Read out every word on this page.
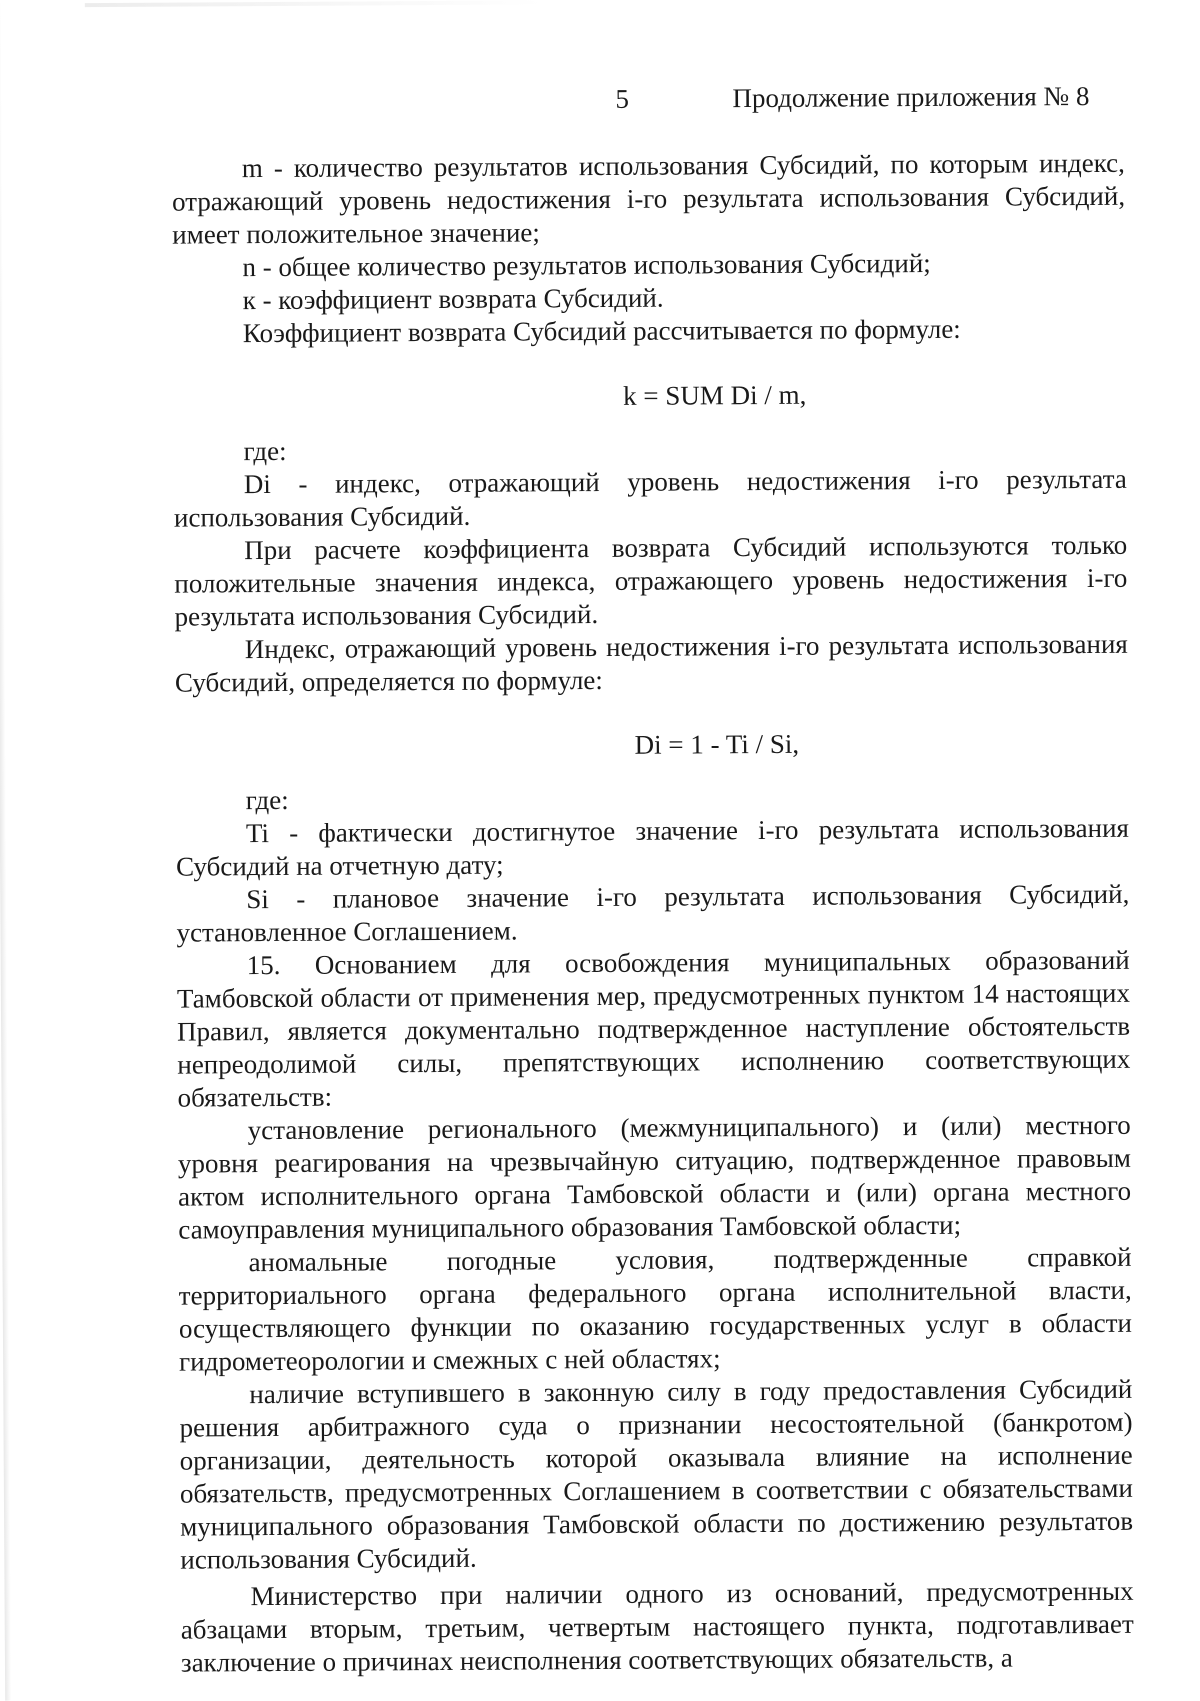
5	Продолжение приложения № 8

m - количество результатов использования Субсидий, по которым индекс, отражающий уровень недостижения i-го результата использования Субсидий, имеет положительное значение;

n - общее количество результатов использования Субсидий;

к - коэффициент возврата Субсидий.

Коэффициент возврата Субсидий рассчитывается по формуле:

k = SUM Di / m,

где:

Di - индекс, отражающий уровень недостижения i-го результата использования Субсидий.

При расчете коэффициента возврата Субсидий используются только положительные значения индекса, отражающего уровень недостижения i-го результата использования Субсидий.

Индекс, отражающий уровень недостижения i-го результата использования Субсидий, определяется по формуле:

Di = 1 - Ti / Si,

где:

Ti - фактически достигнутое значение i-го результата использования Субсидий на отчетную дату;

Si - плановое значение i-го результата использования Субсидий, установленное Соглашением.

15. Основанием для освобождения муниципальных образований Тамбовской области от применения мер, предусмотренных пунктом 14 настоящих Правил, является документально подтвержденное наступление обстоятельств непреодолимой силы, препятствующих исполнению соответствующих обязательств:

установление регионального (межмуниципального) и (или) местного уровня реагирования на чрезвычайную ситуацию, подтвержденное правовым актом исполнительного органа Тамбовской области и (или) органа местного самоуправления муниципального образования Тамбовской области;

аномальные погодные условия, подтвержденные справкой территориального органа федерального органа исполнительной власти, осуществляющего функции по оказанию государственных услуг в области гидрометеорологии и смежных с ней областях;

наличие вступившего в законную силу в году предоставления Субсидий решения арбитражного суда о признании несостоятельной (банкротом) организации, деятельность которой оказывала влияние на исполнение обязательств, предусмотренных Соглашением в соответствии с обязательствами муниципального образования Тамбовской области по достижению результатов использования Субсидий.

Министерство при наличии одного из оснований, предусмотренных абзацами вторым, третьим, четвертым настоящего пункта, подготавливает заключение о причинах неисполнения соответствующих обязательств, а
